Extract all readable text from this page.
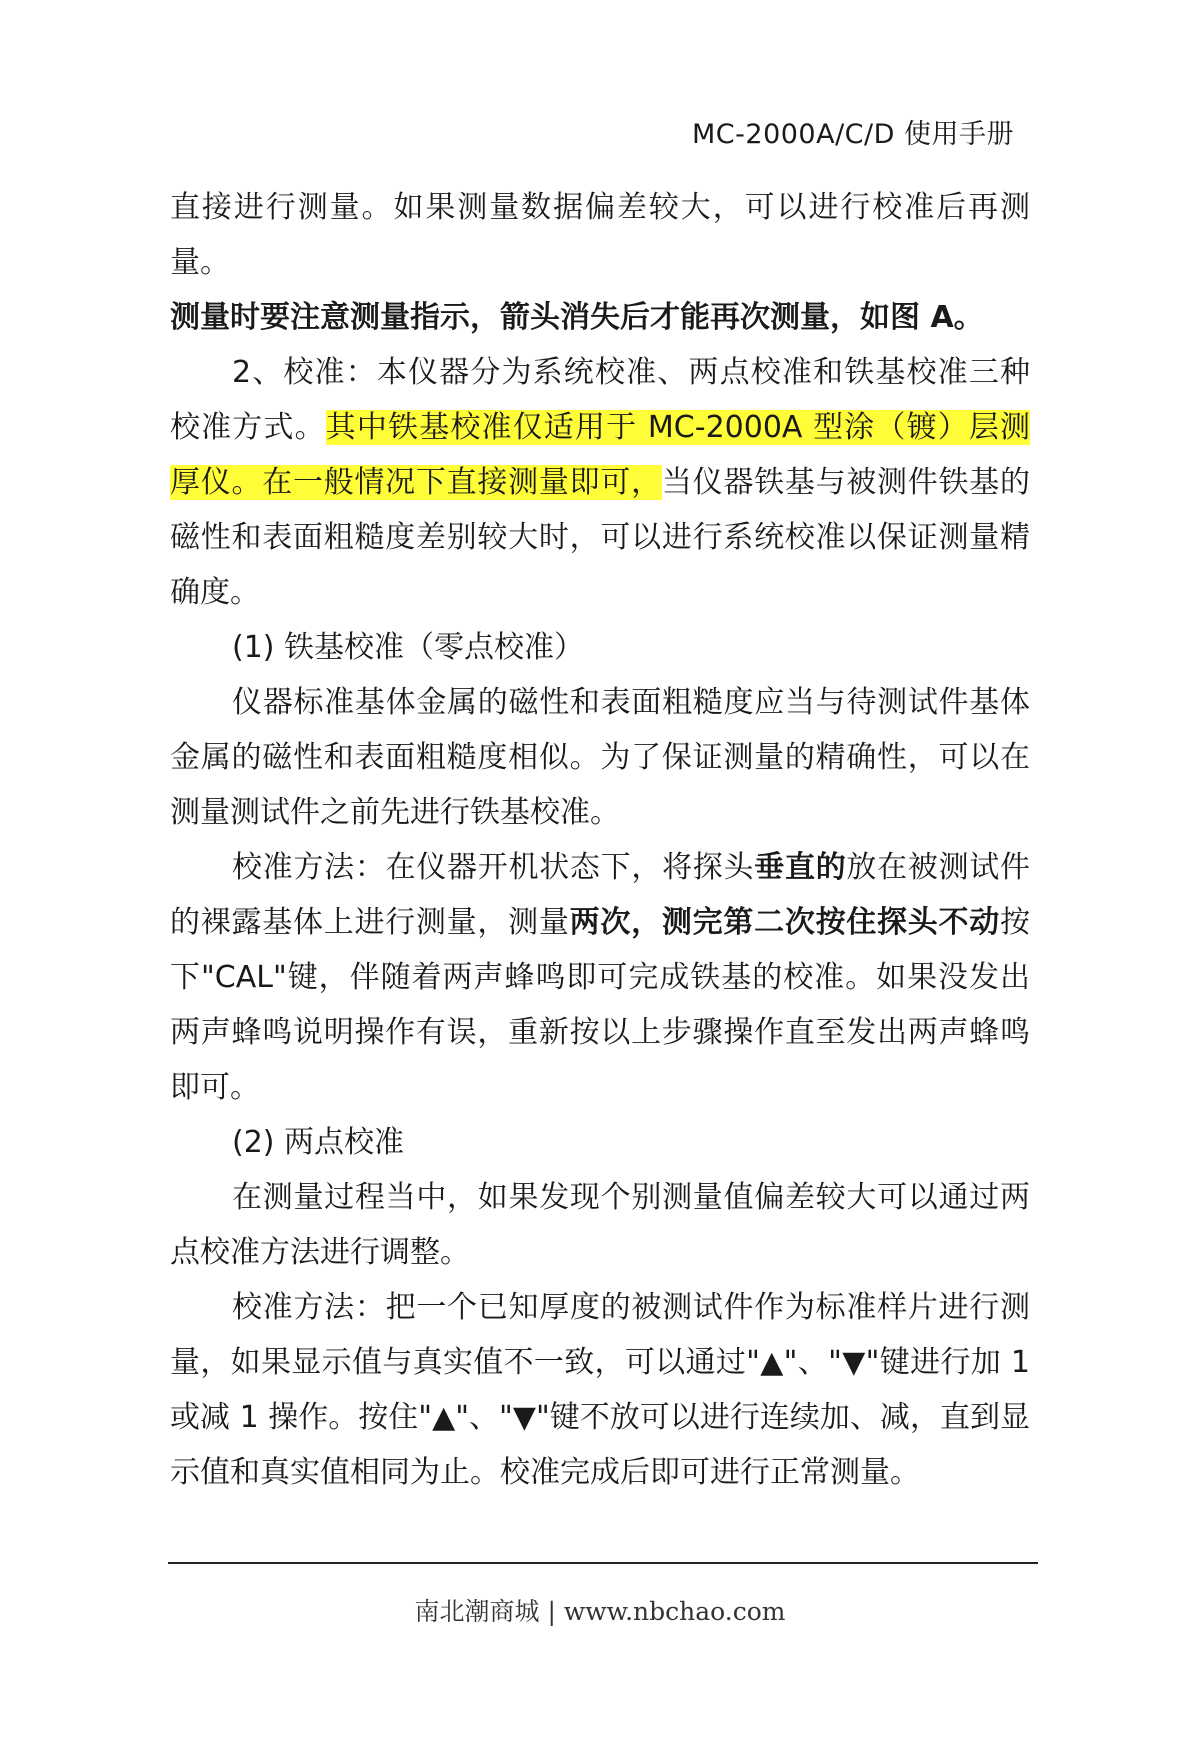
MC-2000A/C/D 使用手册

直接进行测量。如果测量数据偏差较大，可以进行校准后再测量。

测量时要注意测量指示，箭头消失后才能再次测量，如图 A。

2、校准：本仪器分为系统校准、两点校准和铁基校准三种校准方式。其中铁基校准仅适用于 MC-2000A 型涂（镀）层测厚仪。在一般情况下直接测量即可，当仪器铁基与被测件铁基的磁性和表面粗糙度差别较大时，可以进行系统校准以保证测量精确度。

(1) 铁基校准（零点校准）

仪器标准基体金属的磁性和表面粗糙度应当与待测试件基体金属的磁性和表面粗糙度相似。为了保证测量的精确性，可以在测量测试件之前先进行铁基校准。

校准方法：在仪器开机状态下，将探头垂直的放在被测试件的裸露基体上进行测量，测量两次，测完第二次按住探头不动按下"CAL"键，伴随着两声蜂鸣即可完成铁基的校准。如果没发出两声蜂鸣说明操作有误，重新按以上步骤操作直至发出两声蜂鸣即可。

(2) 两点校准

在测量过程当中，如果发现个别测量值偏差较大可以通过两点校准方法进行调整。

校准方法：把一个已知厚度的被测试件作为标准样片进行测量，如果显示值与真实值不一致，可以通过"▲"、"▼"键进行加 1 或减 1 操作。按住"▲"、"▼"键不放可以进行连续加、减，直到显示值和真实值相同为止。校准完成后即可进行正常测量。

南北潮商城 | www.nbchao.com
